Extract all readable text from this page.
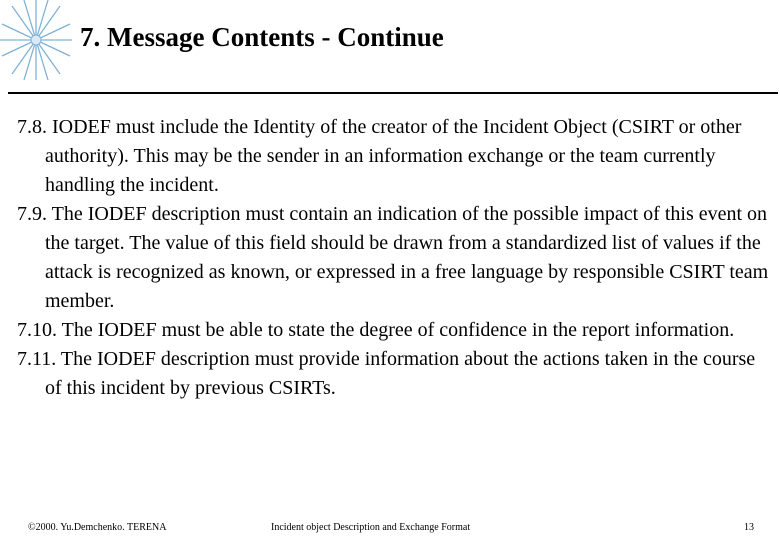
7. Message Contents - Continue

7.8. IODEF must include the Identity of the creator of the Incident Object (CSIRT or other authority). This may be the sender in an information exchange or the team currently handling the incident.

7.9. The IODEF description must contain an indication of the possible impact of this event on the target. The value of this field should be drawn from a standardized list of values if the attack is recognized as known, or expressed in a free language by responsible CSIRT team member.

7.10. The IODEF must be able to state the degree of confidence in the report information.

7.11. The IODEF description must provide information about the actions taken in the course of this incident by previous CSIRTs.

©2000. Yu.Demchenko. TERENA	Incident object Description and Exchange Format	13
